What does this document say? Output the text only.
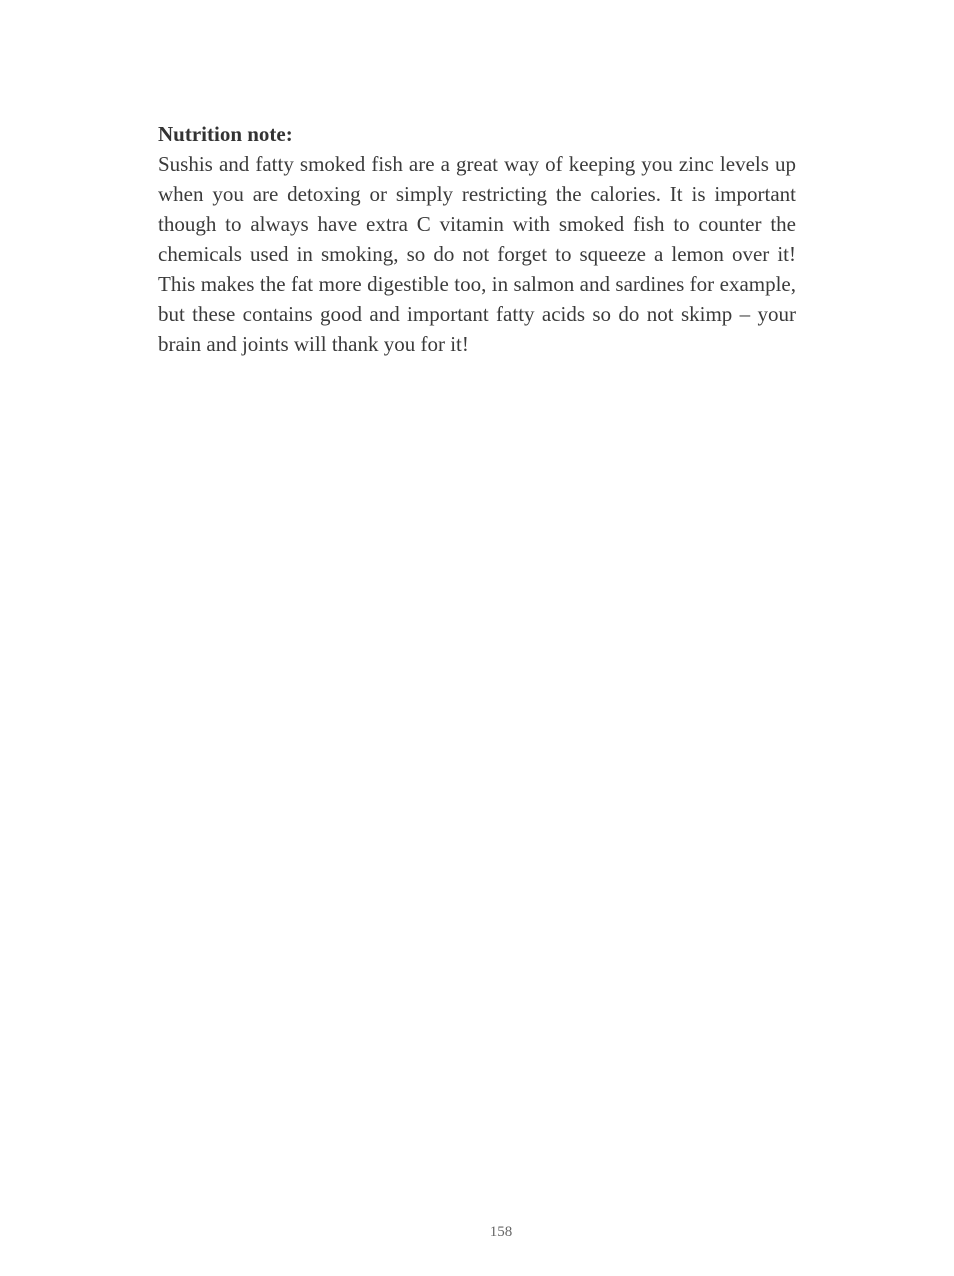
Nutrition note:

Sushis and fatty smoked fish are a great way of keeping you zinc levels up when you are detoxing or simply restricting the calories. It is important though to always have extra C vitamin with smoked fish to counter the chemicals used in smoking, so do not forget to squeeze a lemon over it! This makes the fat more digestible too, in salmon and sardines for example, but these contains good and important fatty acids so do not skimp – your brain and joints will thank you for it!

158
